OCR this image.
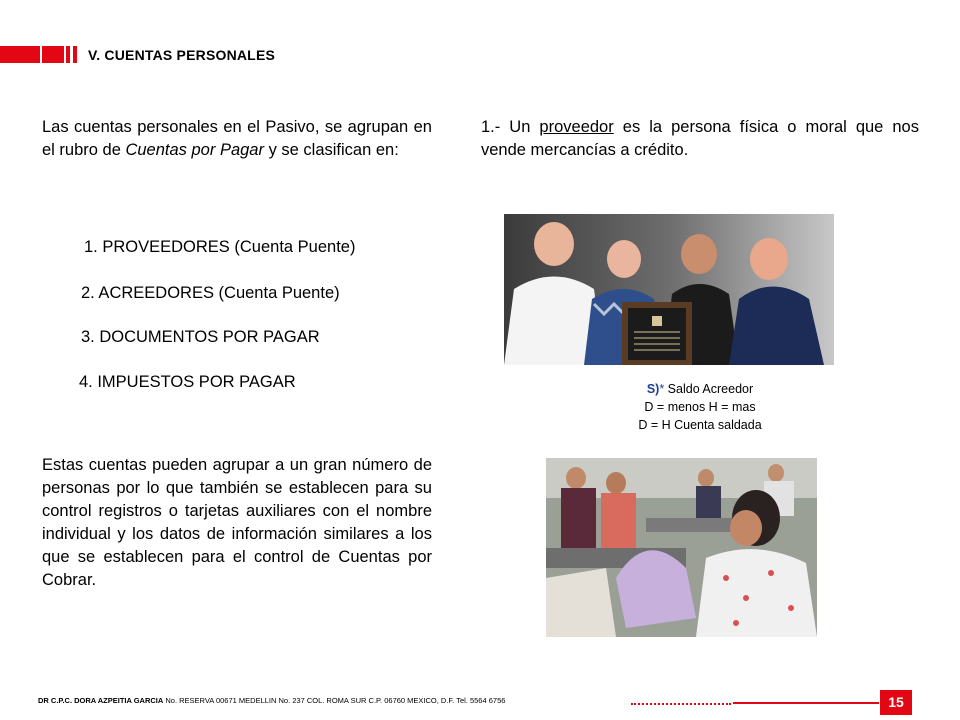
V. CUENTAS PERSONALES
Las cuentas personales en el Pasivo, se agrupan en el rubro de Cuentas por Pagar y se clasifican en:
1. PROVEEDORES (Cuenta Puente)
2. ACREEDORES (Cuenta Puente)
3. DOCUMENTOS POR PAGAR
4. IMPUESTOS POR PAGAR
Estas cuentas pueden agrupar a un gran número de personas por lo que también se establecen para su control registros o tarjetas auxiliares con el nombre individual y los datos de información similares a los que se establecen para el control de Cuentas por Cobrar.
1.- Un proveedor es la persona física o moral que nos vende mercancías a crédito.
S)* Saldo Acreedor
D = menos H = mas
D = H Cuenta saldada
DR C.P.C. DORA AZPEITIA GARCIA No. RESERVA 00671 MEDELLIN No. 237 COL. ROMA SUR C.P. 06760 MEXICO, D.F. Tel. 5564 6756	15
